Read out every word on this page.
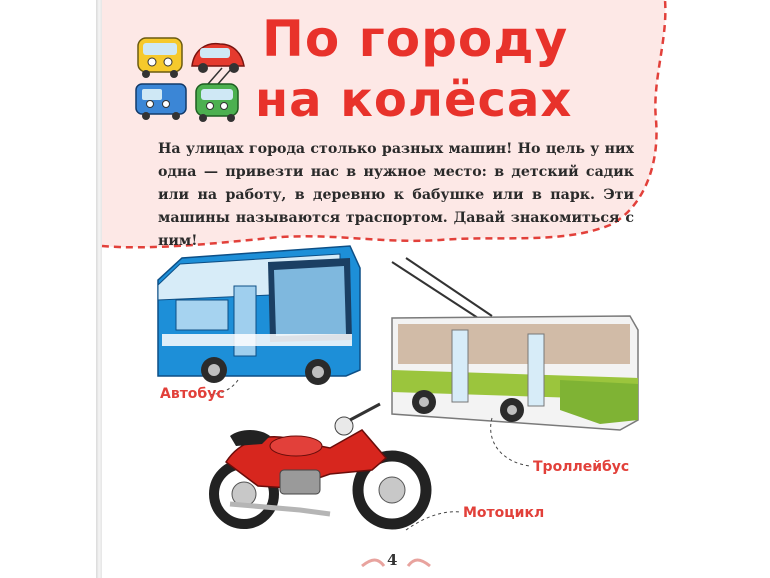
По городу
на колёсах
На улицах города столько разных машин! Но цель у них одна — привезти нас в нужное место: в детский садик или на работу, в деревню к бабушке или в парк. Эти машины называются траспортом. Давай знакомиться с ним!
Автобус
Троллейбус
Мотоцикл
4
